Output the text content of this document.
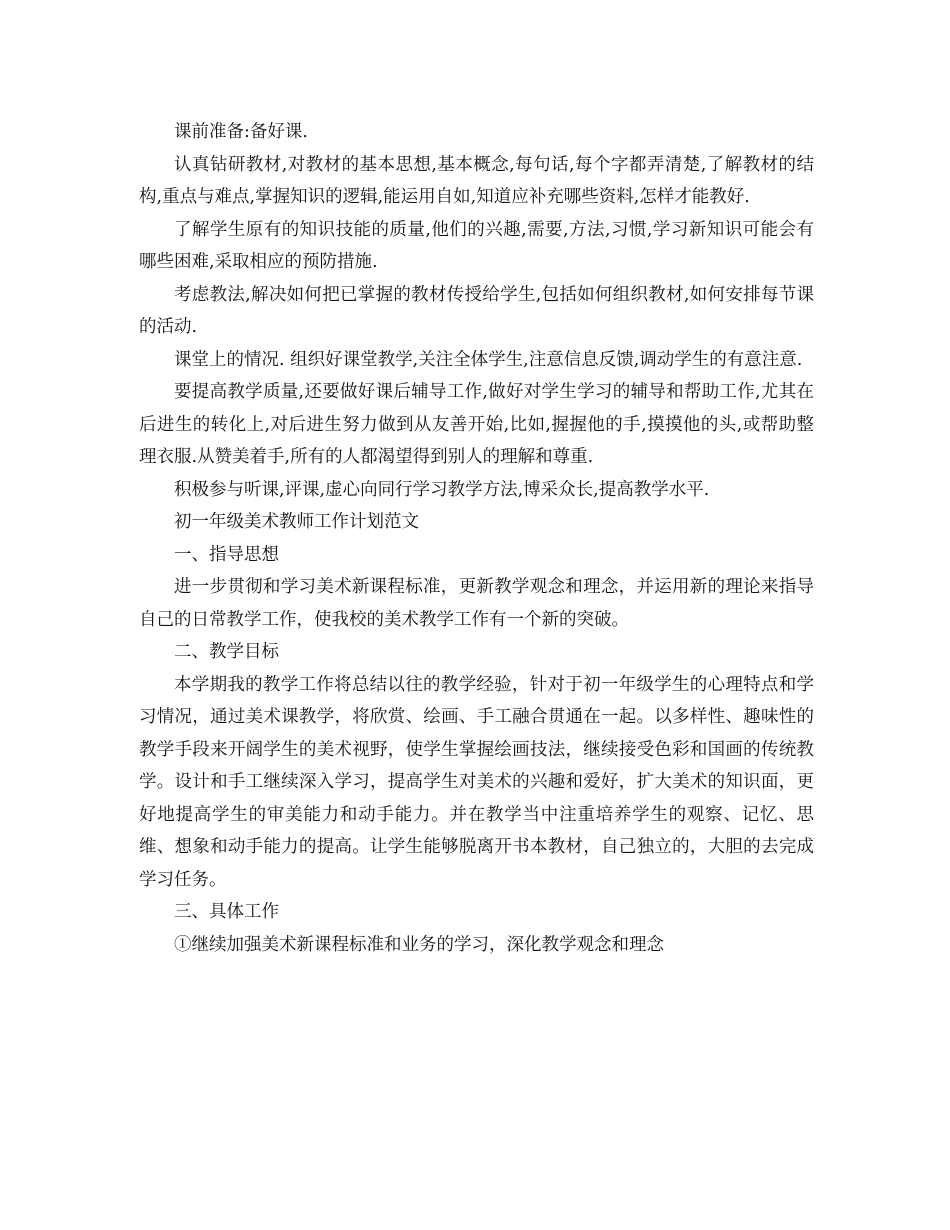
课前准备:备好课.

认真钻研教材,对教材的基本思想,基本概念,每句话,每个字都弄清楚,了解教材的结构,重点与难点,掌握知识的逻辑,能运用自如,知道应补充哪些资料,怎样才能教好.

了解学生原有的知识技能的质量,他们的兴趣,需要,方法,习惯,学习新知识可能会有哪些困难,采取相应的预防措施.

考虑教法,解决如何把已掌握的教材传授给学生,包括如何组织教材,如何安排每节课的活动.

课堂上的情况. 组织好课堂教学,关注全体学生,注意信息反馈,调动学生的有意注意.

要提高教学质量,还要做好课后辅导工作,做好对学生学习的辅导和帮助工作,尤其在后进生的转化上,对后进生努力做到从友善开始,比如,握握他的手,摸摸他的头,或帮助整理衣服.从赞美着手,所有的人都渴望得到别人的理解和尊重.

积极参与听课,评课,虚心向同行学习教学方法,博采众长,提高教学水平.

初一年级美术教师工作计划范文

一、指导思想

进一步贯彻和学习美术新课程标准，更新教学观念和理念，并运用新的理论来指导自己的日常教学工作，使我校的美术教学工作有一个新的突破。

二、教学目标

本学期我的教学工作将总结以往的教学经验，针对于初一年级学生的心理特点和学习情况，通过美术课教学，将欣赏、绘画、手工融合贯通在一起。以多样性、趣味性的教学手段来开阔学生的美术视野，使学生掌握绘画技法，继续接受色彩和国画的传统教学。设计和手工继续深入学习，提高学生对美术的兴趣和爱好，扩大美术的知识面，更好地提高学生的审美能力和动手能力。并在教学当中注重培养学生的观察、记忆、思维、想象和动手能力的提高。让学生能够脱离开书本教材，自己独立的，大胆的去完成学习任务。

三、具体工作

①继续加强美术新课程标准和业务的学习，深化教学观念和理念
